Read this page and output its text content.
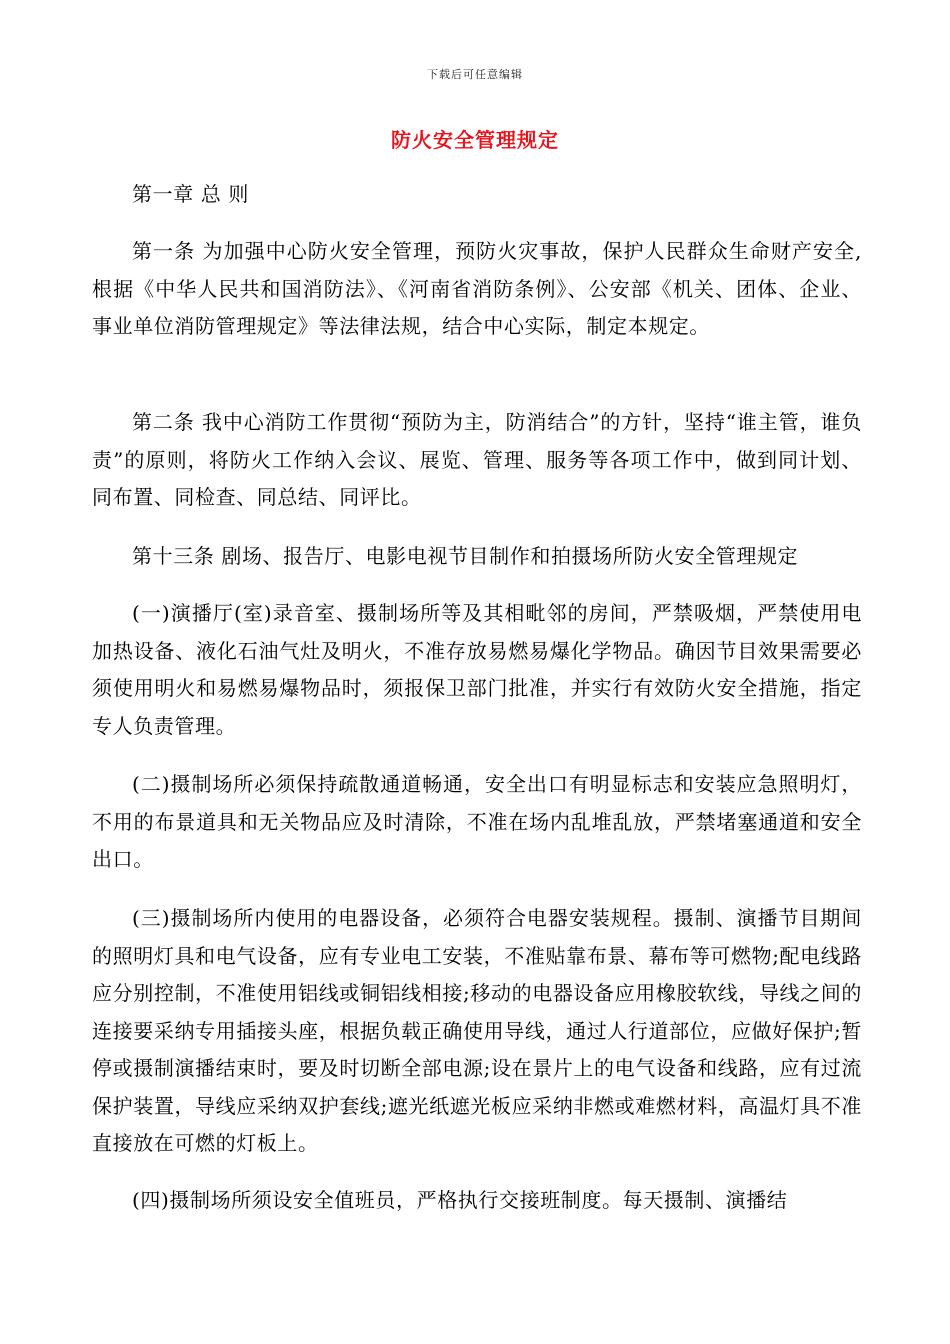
下载后可任意编辑
防火安全管理规定
第一章 总 则

第一条 为加强中心防火安全管理，预防火灾事故，保护人民群众生命财产安全,根据《中华人民共和国消防法》、《河南省消防条例》、公安部《机关、团体、企业、事业单位消防管理规定》等法律法规，结合中心实际，制定本规定。

第二条 我中心消防工作贯彻“预防为主，防消结合”的方针，坚持“谁主管，谁负责”的原则，将防火工作纳入会议、展览、管理、服务等各项工作中，做到同计划、同布置、同检查、同总结、同评比。

第十三条 剧场、报告厅、电影电视节目制作和拍摄场所防火安全管理规定

(一)演播厅(室)录音室、摄制场所等及其相毗邻的房间，严禁吸烟，严禁使用电加热设备、液化石油气灶及明火，不准存放易燃易爆化学物品。确因节目效果需要必须使用明火和易燃易爆物品时，须报保卫部门批准，并实行有效防火安全措施，指定专人负责管理。

(二)摄制场所必须保持疏散通道畅通，安全出口有明显标志和安装应急照明灯，不用的布景道具和无关物品应及时清除，不准在场内乱堆乱放，严禁堵塞通道和安全出口。

(三)摄制场所内使用的电器设备，必须符合电器安装规程。摄制、演播节目期间的照明灯具和电气设备，应有专业电工安装，不准贴靠布景、幕布等可燃物;配电线路应分别控制，不准使用铝线或铜铝线相接;移动的电器设备应用橡胶软线，导线之间的连接要采纳专用插接头座，根据负载正确使用导线，通过人行道部位，应做好保护;暂停或摄制演播结束时，要及时切断全部电源;设在景片上的电气设备和线路，应有过流保护装置，导线应采纳双护套线;遮光纸遮光板应采纳非燃或难燃材料，高温灯具不准直接放在可燃的灯板上。

(四)摄制场所须设安全值班员，严格执行交接班制度。每天摄制、演播结
